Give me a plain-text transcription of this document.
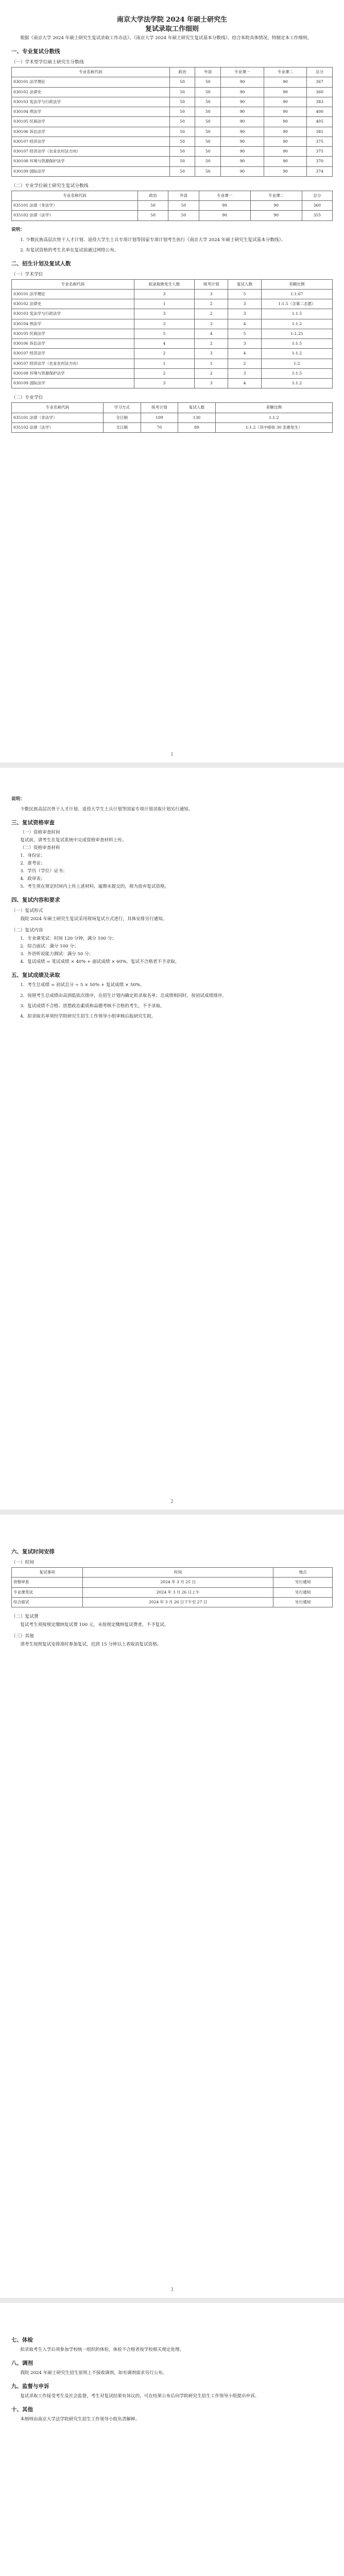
南京大学法学院 2024 年硕士研究生
复试录取工作细则

根据《南京大学 2024 年硕士研究生复试录取工作办法》、《南京大学 2024 年硕士研究生复试基本分数线》，结合本院具体情况，特制定本工作细则。

一、专业复试分数线
（一）学术型学位硕士研究生分数线
专业名称代码	政治	外语	专业课一	专业课二	总分
030101 法学理论	50	50	90	90	367
030102 法律史	50	50	90	90	360
030103 宪法学与行政法学	50	50	90	90	383
030104 刑法学	50	50	90	90	400
030105 民商法学	50	50	90	90	405
030106 诉讼法学	50	50	90	90	381
030107 经济法学	50	50	90	90	375
030107 经济法学（农业农村法方向）	50	50	90	90	375
030108 环境与资源保护法学	50	50	90	90	370
030109 国际法学	50	50	90	90	374
（二）专业学位硕士研究生复试分数线
专业名称代码	政治	外语	专业课一	专业课二	总分
035101 法律（非法学）	50	50	90	90	360
035102 法律（法学）	50	50	90	90	355

说明：

1. 少数民族高层次骨干人才计划、退役大学生士兵专项计划等国家专项计划考生执行《南京大学 2024 年硕士研究生复试基本分数线》。

2. 有复试资格的考生名单在复试前通过网络公布。

二、招生计划及复试人数
（一）学术学位
专业名称代码	拟录取推免生人数	统考计划	复试人数	差额比例
030101 法学理论	3	3	5	1:1.67
030102 法律史	1	2	3	1:1.5（含第二志愿）
030103 宪法学与行政法学	3	2	3	1:1.5
030104 刑法学	3	3	4	1:1.2
030105 民商法学	5	4	5	1:1.25
030106 诉讼法学	4	2	3	1:1.5
030107 经济法学	2	3	4	1:1.2
030107 经济法学（农业农村法方向）	1	1	2	1:2
030108 环境与资源保护法学	2	2	3	1:1.5
030109 国际法学	3	3	4	1:1.2
（二）专业学位
专业名称代码	学习方式	统考计划	复试人数	差额比例
035101 法律（非法学）	全日制	109	130	1:1.2
035102 法律（法学）	全日制	70	89	1:1.2（其中接收 30 名推免生）
1

说明：

少数民族高层次骨干人才计划、退役大学生士兵计划等国家专项计划录取计划另行通知。

三、复试资格审查
（一）资格审查时间
复试前，请考生在复试系统中完成资格审查材料上传。
（二）资格审查材料
1．身份证；
2．准考证；
3．学历（学位）证书；
4．政审表；
5．考生须在规定时间内上传上述材料，逾期未提交的，视为放弃复试资格。
四、复试内容和要求
（一）复试形式

我院 2024 年硕士研究生复试采用现场复试方式进行，具体安排另行通知。

（二）复试内容
1．专业课笔试：时间 120 分钟，满分 100 分；
2．综合面试：满分 100 分；
3．外语听说能力测试：满分 50 分；
4．复试成绩 = 笔试成绩 × 40% + 面试成绩 × 60%，复试不合格者不予录取。
五、复试成绩及录取

1．考生总成绩 = 初试总分 ÷ 5 × 50% + 复试成绩 × 50%。

2．按照考生总成绩由高到低依次排序，在招生计划内确定拟录取名单；总成绩相同时，按初试成绩排序。

3．复试成绩不合格、思想政治素质和品德考核不合格的考生，不予录取。

4．拟录取名单须经学院研究生招生工作领导小组审核后报研究生院。

2
六、复试时间安排
（一）时间
复试事项	时间	地点
资格审查	2024 年 3 月 25 日	另行通知
专业课笔试	2024 年 3 月 26 日上午	另行通知
综合面试	2024 年 3 月 26 日下午至 27 日	另行通知
（二）复试费

复试考生须按规定缴纳复试费 100 元，未按规定缴纳复试费者，不予复试。

（三）其他

请考生按照复试安排准时参加复试，迟到 15 分钟以上者取消复试资格。

3
七、体检

拟录取考生入学后须参加学校统一组织的体检，体检不合格者按学校相关规定处理。

八、调剂

我院 2024 年硕士研究生招生原则上不接收调剂，如有调剂需求另行公布。

九、监督与申诉

复试录取工作接受考生及社会监督，考生对复试结果有异议的，可在结果公布后向学院研究生招生工作领导小组提出申诉。

十、其他

本细则由南京大学法学院研究生招生工作领导小组负责解释。
